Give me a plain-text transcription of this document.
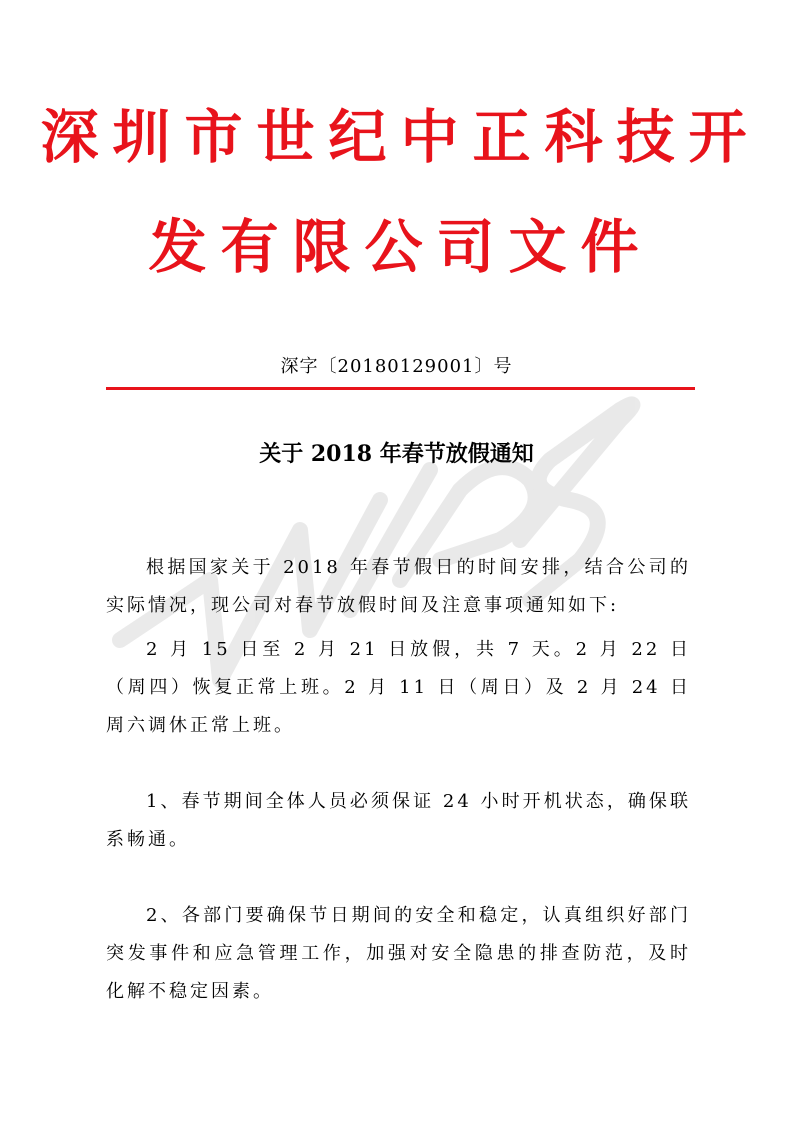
深圳市世纪中正科技开
发有限公司文件
深字〔20180129001〕号
关于 2018 年春节放假通知
根据国家关于 2018 年春节假日的时间安排，结合公司的实际情况，现公司对春节放假时间及注意事项通知如下:
2 月 15 日至 2 月 21 日放假，共 7 天。2 月 22 日（周四）恢复正常上班。2 月 11 日（周日）及 2 月 24 日周六调休正常上班。
1、春节期间全体人员必须保证 24 小时开机状态，确保联系畅通。
2、各部门要确保节日期间的安全和稳定，认真组织好部门突发事件和应急管理工作，加强对安全隐患的排查防范，及时化解不稳定因素。
